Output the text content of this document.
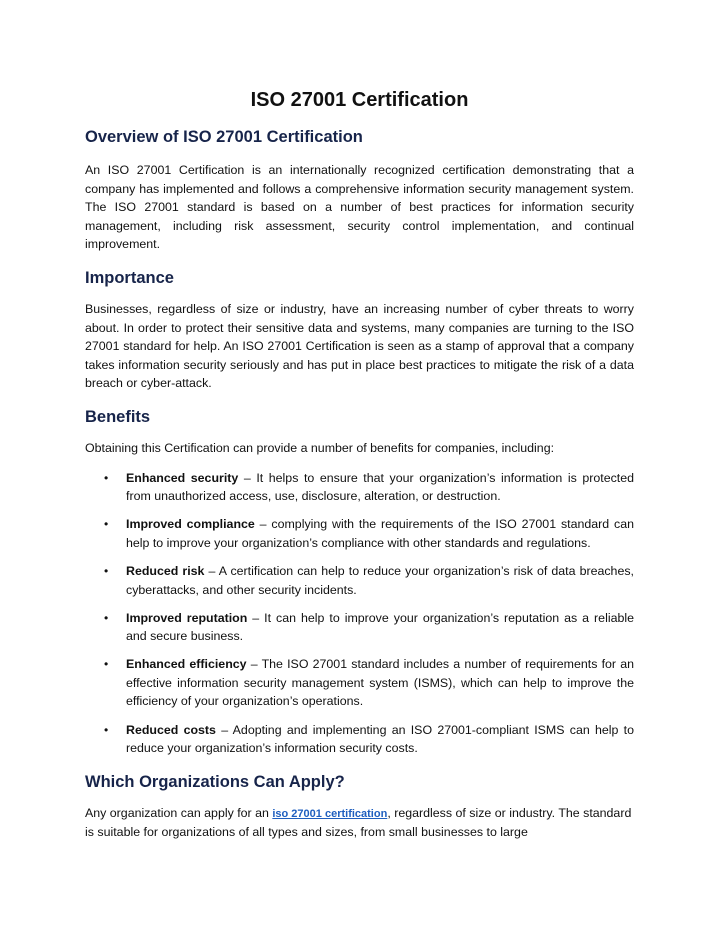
ISO 27001 Certification
Overview of ISO 27001 Certification

An ISO 27001 Certification is an internationally recognized certification demonstrating that a company has implemented and follows a comprehensive information security management system. The ISO 27001 standard is based on a number of best practices for information security management, including risk assessment, security control implementation, and continual improvement.

Importance

Businesses, regardless of size or industry, have an increasing number of cyber threats to worry about. In order to protect their sensitive data and systems, many companies are turning to the ISO 27001 standard for help. An ISO 27001 Certification is seen as a stamp of approval that a company takes information security seriously and has put in place best practices to mitigate the risk of a data breach or cyber-attack.

Benefits

Obtaining this Certification can provide a number of benefits for companies, including:

• Enhanced security – It helps to ensure that your organization’s information is protected from unauthorized access, use, disclosure, alteration, or destruction.
• Improved compliance – complying with the requirements of the ISO 27001 standard can help to improve your organization’s compliance with other standards and regulations.
• Reduced risk – A certification can help to reduce your organization’s risk of data breaches, cyberattacks, and other security incidents.
• Improved reputation – It can help to improve your organization’s reputation as a reliable and secure business.
• Enhanced efficiency – The ISO 27001 standard includes a number of requirements for an effective information security management system (ISMS), which can help to improve the efficiency of your organization’s operations.
• Reduced costs – Adopting and implementing an ISO 27001-compliant ISMS can help to reduce your organization’s information security costs.
Which Organizations Can Apply?

Any organization can apply for an iso 27001 certification, regardless of size or industry. The standard is suitable for organizations of all types and sizes, from small businesses to large
